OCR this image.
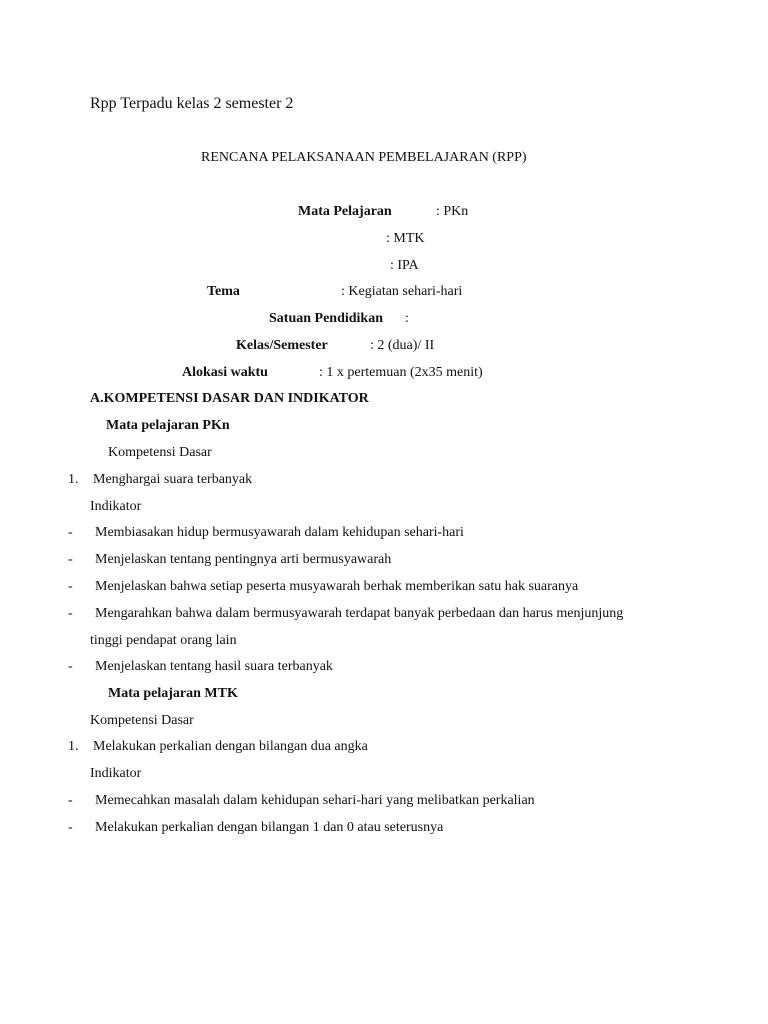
Rpp Terpadu kelas 2 semester 2
RENCANA PELAKSANAAN PEMBELAJARAN (RPP)
Mata Pelajaran	: PKn
: MTK
: IPA
Tema	: Kegiatan sehari-hari
Satuan Pendidikan :
Kelas/Semester	: 2 (dua)/ II
Alokasi waktu	: 1 x pertemuan (2x35 menit)
A.KOMPETENSI DASAR DAN INDIKATOR
Mata pelajaran PKn
Kompetensi Dasar
1. Menghargai suara terbanyak
Indikator
- Membiasakan hidup bermusyawarah dalam kehidupan sehari-hari
- Menjelaskan tentang pentingnya arti bermusyawarah
- Menjelaskan bahwa setiap peserta musyawarah berhak memberikan satu hak suaranya
- Mengarahkan bahwa dalam bermusyawarah terdapat banyak perbedaan dan harus menjunjung
tinggi pendapat orang lain
- Menjelaskan tentang hasil suara terbanyak
Mata pelajaran MTK
Kompetensi Dasar
1. Melakukan perkalian dengan bilangan dua angka
Indikator
- Memecahkan masalah dalam kehidupan sehari-hari yang melibatkan perkalian
- Melakukan perkalian dengan bilangan 1 dan 0 atau seterusnya
